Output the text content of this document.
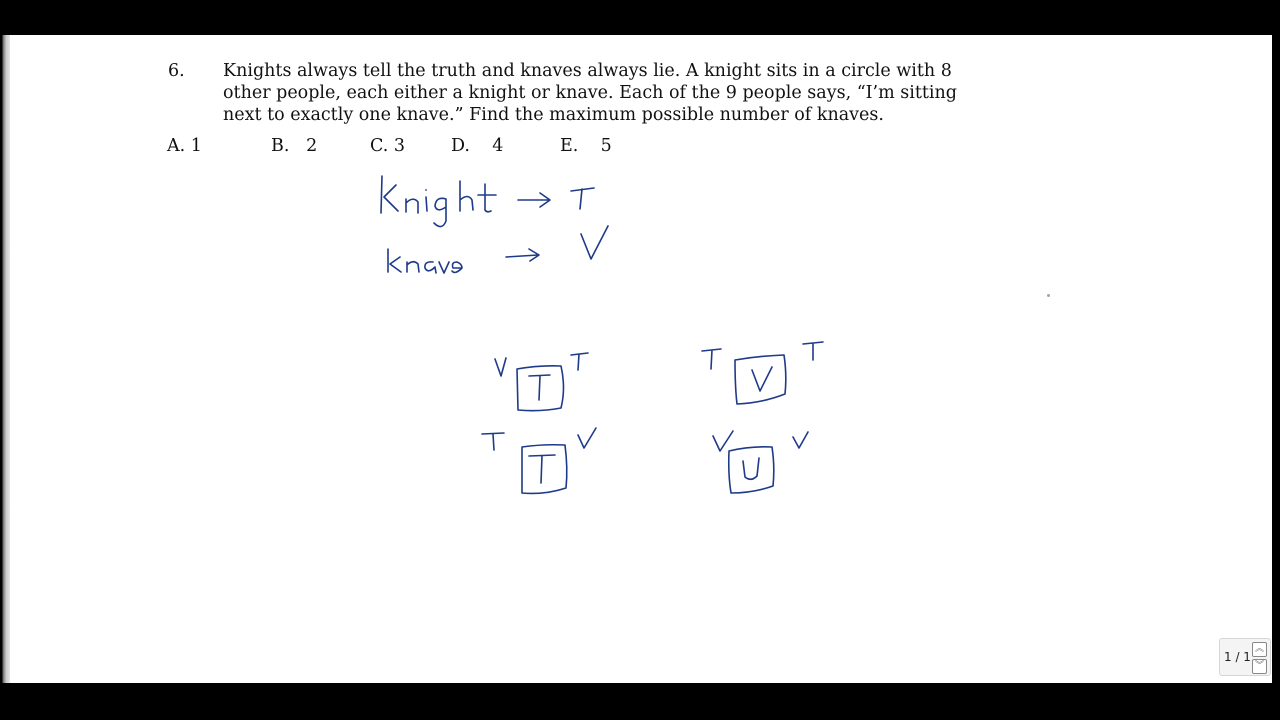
6. Knights always tell the truth and knaves always lie. A knight sits in a circle with 8
other people, each either a knight or knave. Each of the 9 people says, “I’m sitting
next to exactly one knave.” Find the maximum possible number of knaves.
A. 1	B. 2	C. 3	D. 4	E. 5
1 / 1
︽
︾
